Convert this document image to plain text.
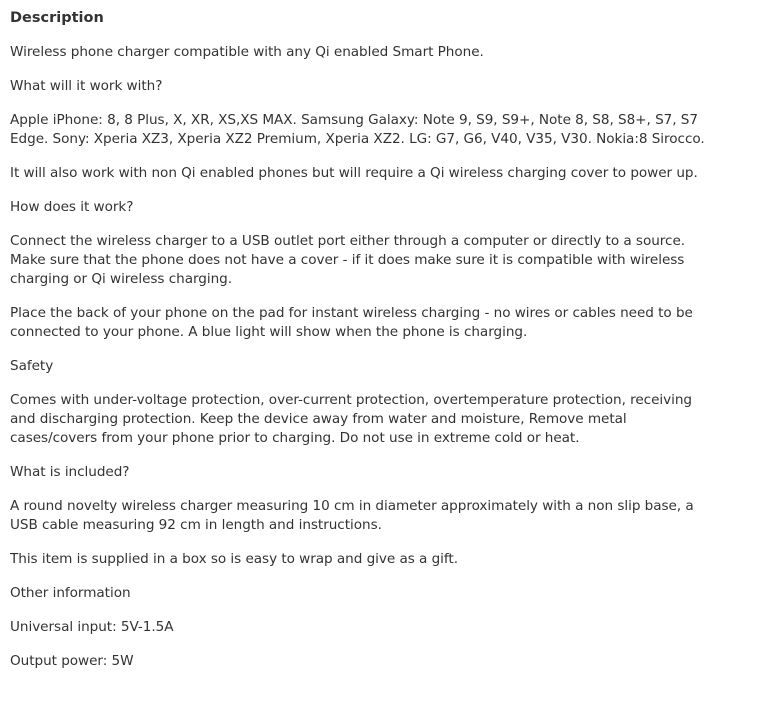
Description

Wireless phone charger compatible with any Qi enabled Smart Phone.

What will it work with?

Apple iPhone: 8, 8 Plus, X, XR, XS,XS MAX. Samsung Galaxy: Note 9, S9, S9+, Note 8, S8, S8+, S7, S7 Edge. Sony: Xperia XZ3, Xperia XZ2 Premium, Xperia XZ2. LG: G7, G6, V40, V35, V30. Nokia:8 Sirocco.

It will also work with non Qi enabled phones but will require a Qi wireless charging cover to power up.

How does it work?

Connect the wireless charger to a USB outlet port either through a computer or directly to a source. Make sure that the phone does not have a cover - if it does make sure it is compatible with wireless charging or Qi wireless charging.

Place the back of your phone on the pad for instant wireless charging - no wires or cables need to be connected to your phone. A blue light will show when the phone is charging.

Safety

Comes with under-voltage protection, over-current protection, overtemperature protection, receiving and discharging protection. Keep the device away from water and moisture, Remove metal cases/covers from your phone prior to charging. Do not use in extreme cold or heat.

What is included?

A round novelty wireless charger measuring 10 cm in diameter approximately with a non slip base, a USB cable measuring 92 cm in length and instructions.

This item is supplied in a box so is easy to wrap and give as a gift.

Other information

Universal input: 5V-1.5A

Output power: 5W
